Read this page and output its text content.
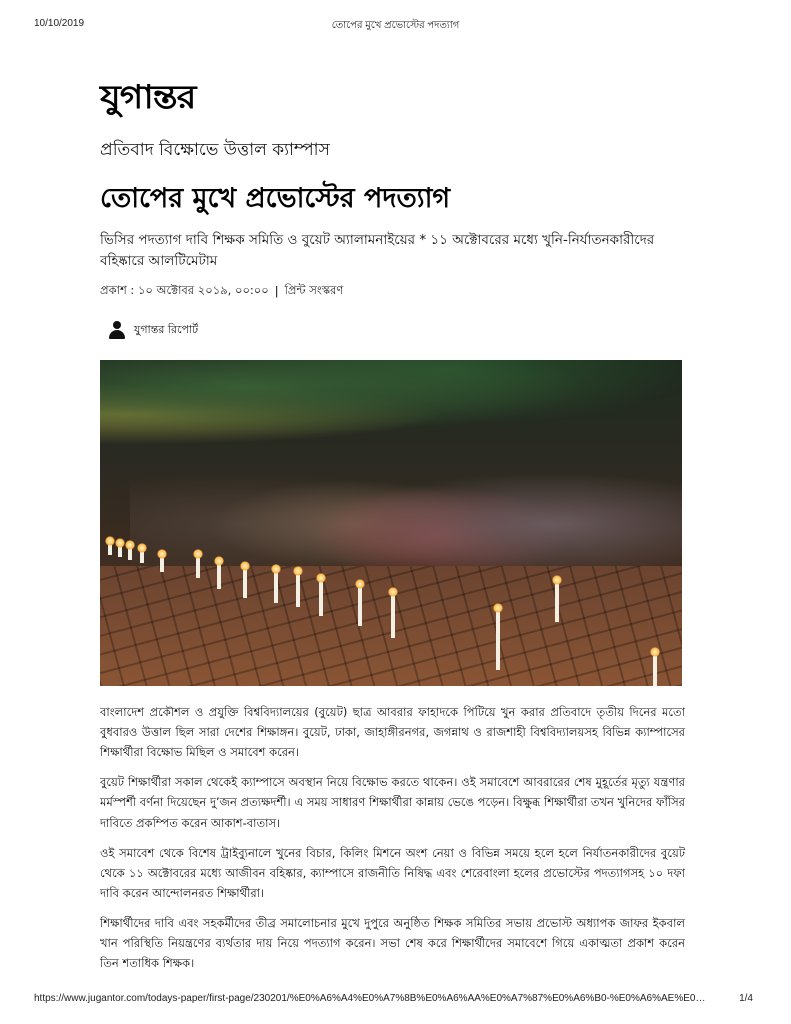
10/10/2019	তোপের মুখে প্রভোস্টের পদত্যাগ
যুগান্তর
প্রতিবাদ বিক্ষোভে উত্তাল ক্যাম্পাস
তোপের মুখে প্রভোস্টের পদত্যাগ
ভিসির পদত্যাগ দাবি শিক্ষক সমিতি ও বুয়েট অ্যালামনাইয়ের * ১১ অক্টোবরের মধ্যে খুনি-নির্যাতনকারীদের বহিষ্কারে আলটিমেটাম
প্রকাশ : ১০ অক্টোবর ২০১৯, ০০:০০ | প্রিন্ট সংস্করণ
যুগান্তর রিপোর্ট

বাংলাদেশ প্রকৌশল ও প্রযুক্তি বিশ্ববিদ্যালয়ের (বুয়েট) ছাত্র আবরার ফাহাদকে পিটিয়ে খুন করার প্রতিবাদে তৃতীয় দিনের মতো বুধবারও উত্তাল ছিল সারা দেশের শিক্ষাঙ্গন। বুয়েট, ঢাকা, জাহাঙ্গীরনগর, জগন্নাথ ও রাজশাহী বিশ্ববিদ্যালয়সহ বিভিন্ন ক্যাম্পাসের শিক্ষার্থীরা বিক্ষোভ মিছিল ও সমাবেশ করেন।

বুয়েট শিক্ষার্থীরা সকাল থেকেই ক্যাম্পাসে অবস্থান নিয়ে বিক্ষোভ করতে থাকেন। ওই সমাবেশে আবরারের শেষ মুহূর্তের মৃত্যু যন্ত্রণার মর্মস্পর্শী বর্ণনা দিয়েছেন দু’জন প্রত্যক্ষদর্শী। এ সময় সাধারণ শিক্ষার্থীরা কান্নায় ভেঙে পড়েন। বিক্ষুব্ধ শিক্ষার্থীরা তখন খুনিদের ফাঁসির দাবিতে প্রকম্পিত করেন আকাশ-বাতাস।

ওই সমাবেশ থেকে বিশেষ ট্রাইব্যুনালে খুনের বিচার, কিলিং মিশনে অংশ নেয়া ও বিভিন্ন সময়ে হলে হলে নির্যাতনকারীদের বুয়েট থেকে ১১ অক্টোবরের মধ্যে আজীবন বহিষ্কার, ক্যাম্পাসে রাজনীতি নিষিদ্ধ এবং শেরেবাংলা হলের প্রভোস্টের পদত্যাগসহ ১০ দফা দাবি করেন আন্দোলনরত শিক্ষার্থীরা।

শিক্ষার্থীদের দাবি এবং সহকর্মীদের তীব্র সমালোচনার মুখে দুপুরে অনুষ্ঠিত শিক্ষক সমিতির সভায় প্রভোস্ট অধ্যাপক জাফর ইকবাল খান পরিস্থিতি নিয়ন্ত্রণের ব্যর্থতার দায় নিয়ে পদত্যাগ করেন। সভা শেষ করে শিক্ষার্থীদের সমাবেশে গিয়ে একাত্মতা প্রকাশ করেন তিন শতাধিক শিক্ষক।

https://www.jugantor.com/todays-paper/first-page/230201/%E0%A6%A4%E0%A7%8B%E0%A6%AA%E0%A7%87%E0%A6%B0-%E0%A6%AE%E0…	1/4
